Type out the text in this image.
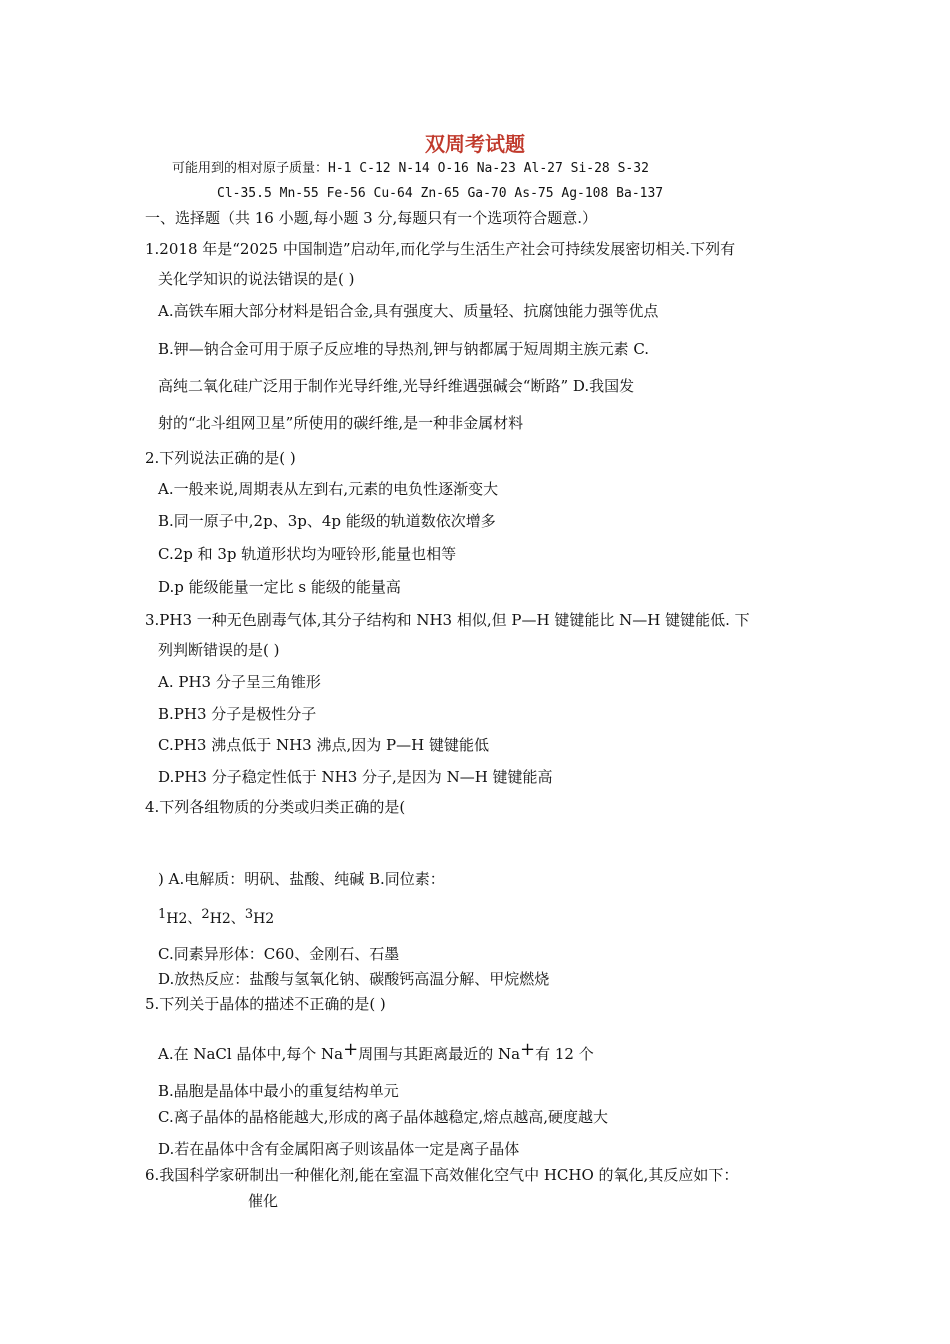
双周考试题
可能用到的相对原子质量：H-1 C-12 N-14 O-16 Na-23 Al-27 Si-28 S-32
Cl-35.5 Mn-55 Fe-56 Cu-64 Zn-65 Ga-70 As-75 Ag-108 Ba-137
一、选择题（共 16 小题,每小题 3 分,每题只有一个选项符合题意.）
1.2018 年是“2025 中国制造”启动年,而化学与生活生产社会可持续发展密切相关.下列有
关化学知识的说法错误的是( )
A.高铁车厢大部分材料是铝合金,具有强度大、质量轻、抗腐蚀能力强等优点
B.钾—钠合金可用于原子反应堆的导热剂,钾与钠都属于短周期主族元素 C.
高纯二氧化硅广泛用于制作光导纤维,光导纤维遇强碱会“断路” D.我国发
射的“北斗组网卫星”所使用的碳纤维,是一种非金属材料
2.下列说法正确的是( )
A.一般来说,周期表从左到右,元素的电负性逐渐变大
B.同一原子中,2p、3p、4p 能级的轨道数依次增多
C.2p 和 3p 轨道形状均为哑铃形,能量也相等
D.p 能级能量一定比 s 能级的能量高
3.PH3 一种无色剧毒气体,其分子结构和 NH3 相似,但 P—H 键键能比 N—H 键键能低. 下
列判断错误的是( )
A. PH3 分子呈三角锥形
B.PH3 分子是极性分子
C.PH3 沸点低于 NH3 沸点,因为 P—H 键键能低
D.PH3 分子稳定性低于 NH3 分子,是因为 N—H 键键能高
4.下列各组物质的分类或归类正确的是(
) A.电解质：明矾、盐酸、纯碱 B.同位素：
$^1$H2、$^2$H2、$^3$H2
C.同素异形体：C60、金刚石、石墨
D.放热反应：盐酸与氢氧化钠、碳酸钙高温分解、甲烷燃烧
5.下列关于晶体的描述不正确的是( )
A.在 NaCl 晶体中,每个 Na+周围与其距离最近的 Na+有 12 个
B.晶胞是晶体中最小的重复结构单元
C.离子晶体的晶格能越大,形成的离子晶体越稳定,熔点越高,硬度越大
D.若在晶体中含有金属阳离子则该晶体一定是离子晶体
6.我国科学家研制出一种催化剂,能在室温下高效催化空气中 HCHO 的氧化,其反应如下：
催化
